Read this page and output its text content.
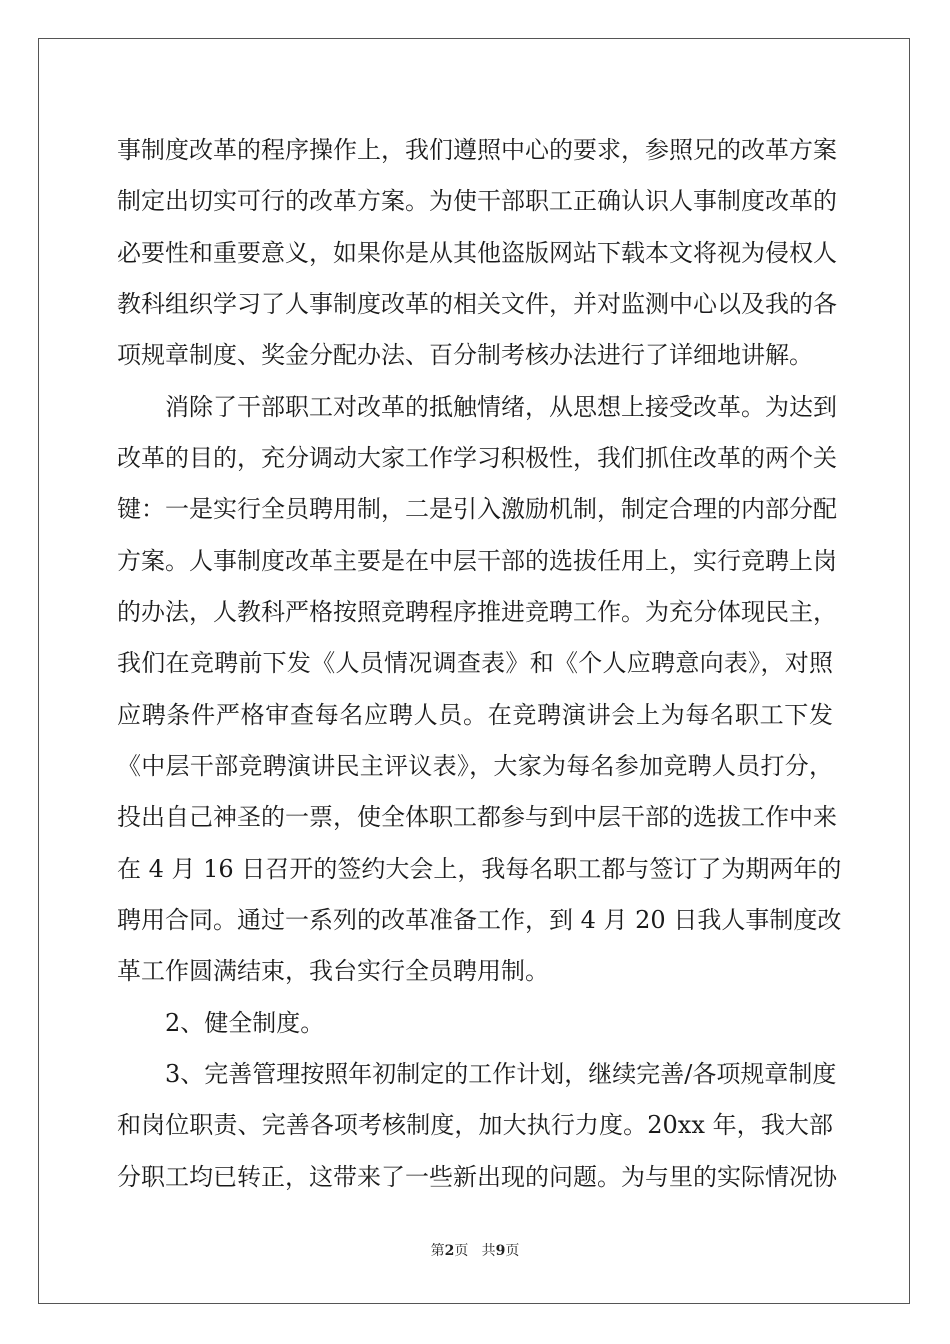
事制度改革的程序操作上，我们遵照中心的要求，参照兄的改革方案
制定出切实可行的改革方案。为使干部职工正确认识人事制度改革的
必要性和重要意义，如果你是从其他盗版网站下载本文将视为侵权人
教科组织学习了人事制度改革的相关文件，并对监测中心以及我的各
项规章制度、奖金分配办法、百分制考核办法进行了详细地讲解。
消除了干部职工对改革的抵触情绪，从思想上接受改革。为达到
改革的目的，充分调动大家工作学习积极性，我们抓住改革的两个关
键：一是实行全员聘用制，二是引入激励机制，制定合理的内部分配
方案。人事制度改革主要是在中层干部的选拔任用上，实行竞聘上岗
的办法，人教科严格按照竞聘程序推进竞聘工作。为充分体现民主，
我们在竞聘前下发《人员情况调查表》和《个人应聘意向表》，对照
应聘条件严格审查每名应聘人员。在竞聘演讲会上为每名职工下发
《中层干部竞聘演讲民主评议表》，大家为每名参加竞聘人员打分，
投出自己神圣的一票，使全体职工都参与到中层干部的选拔工作中来
在 4 月 16 日召开的签约大会上，我每名职工都与签订了为期两年的
聘用合同。通过一系列的改革准备工作，到 4 月 20 日我人事制度改
革工作圆满结束，我台实行全员聘用制。
2、健全制度。
3、完善管理按照年初制定的工作计划，继续完善/各项规章制度
和岗位职责、完善各项考核制度，加大执行力度。20xx 年，我大部
分职工均已转正，这带来了一些新出现的问题。为与里的实际情况协
第2页 共9页
